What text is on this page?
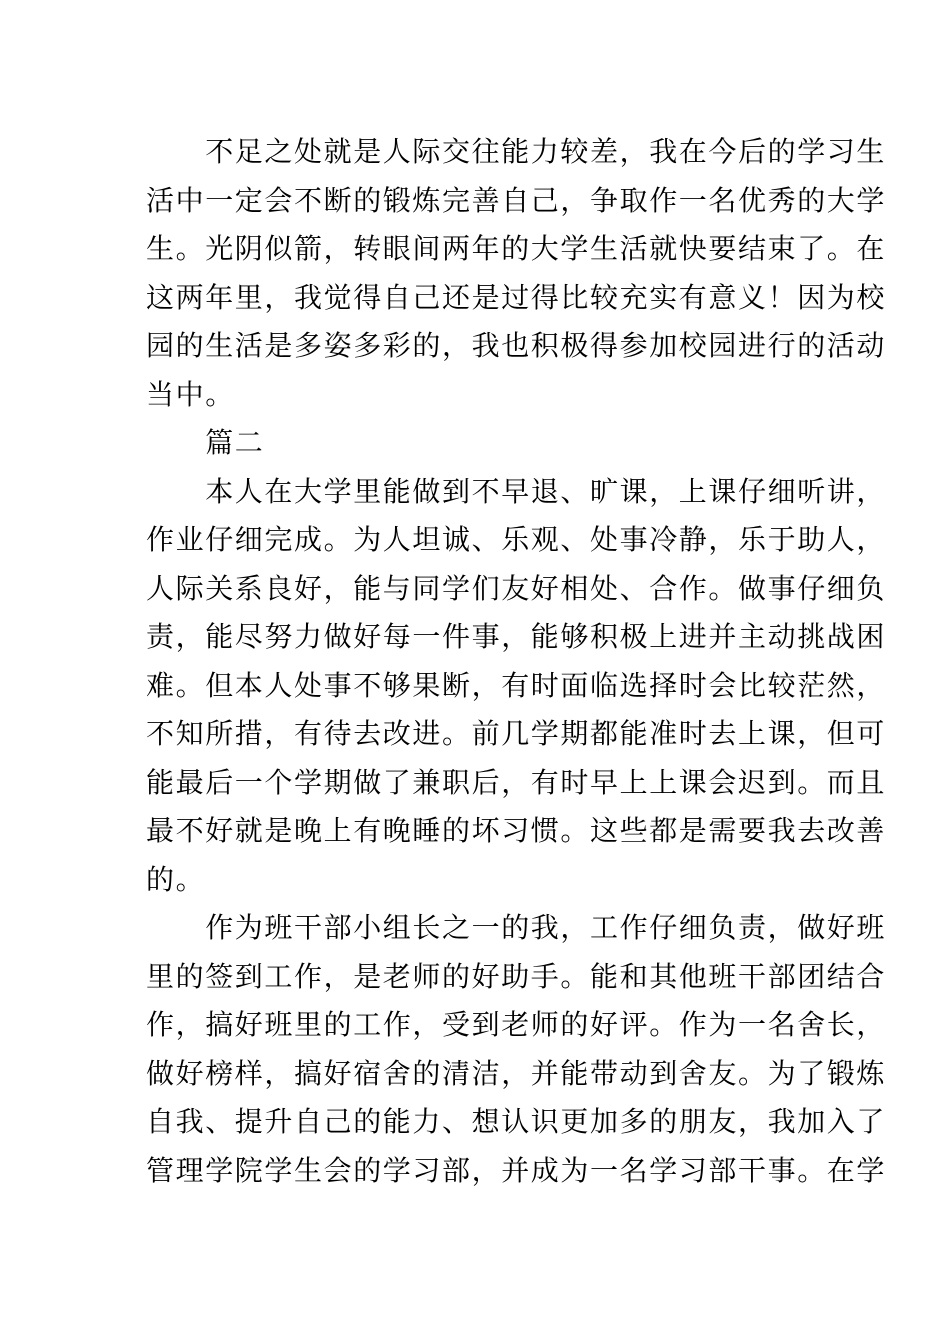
　　不足之处就是人际交往能力较差，我在今后的学习生
活中一定会不断的锻炼完善自己，争取作一名优秀的大学
生。光阴似箭，转眼间两年的大学生活就快要结束了。在
这两年里，我觉得自己还是过得比较充实有意义！因为校
园的生活是多姿多彩的，我也积极得参加校园进行的活动
当中。
　　篇二
　　本人在大学里能做到不早退、旷课，上课仔细听讲，
作业仔细完成。为人坦诚、乐观、处事冷静，乐于助人，
人际关系良好，能与同学们友好相处、合作。做事仔细负
责，能尽努力做好每一件事，能够积极上进并主动挑战困
难。但本人处事不够果断，有时面临选择时会比较茫然，
不知所措，有待去改进。前几学期都能准时去上课，但可
能最后一个学期做了兼职后，有时早上上课会迟到。而且
最不好就是晚上有晚睡的坏习惯。这些都是需要我去改善
的。
　　作为班干部小组长之一的我，工作仔细负责，做好班
里的签到工作，是老师的好助手。能和其他班干部团结合
作，搞好班里的工作，受到老师的好评。作为一名舍长，
做好榜样，搞好宿舍的清洁，并能带动到舍友。为了锻炼
自我、提升自己的能力、想认识更加多的朋友，我加入了
管理学院学生会的学习部，并成为一名学习部干事。在学
